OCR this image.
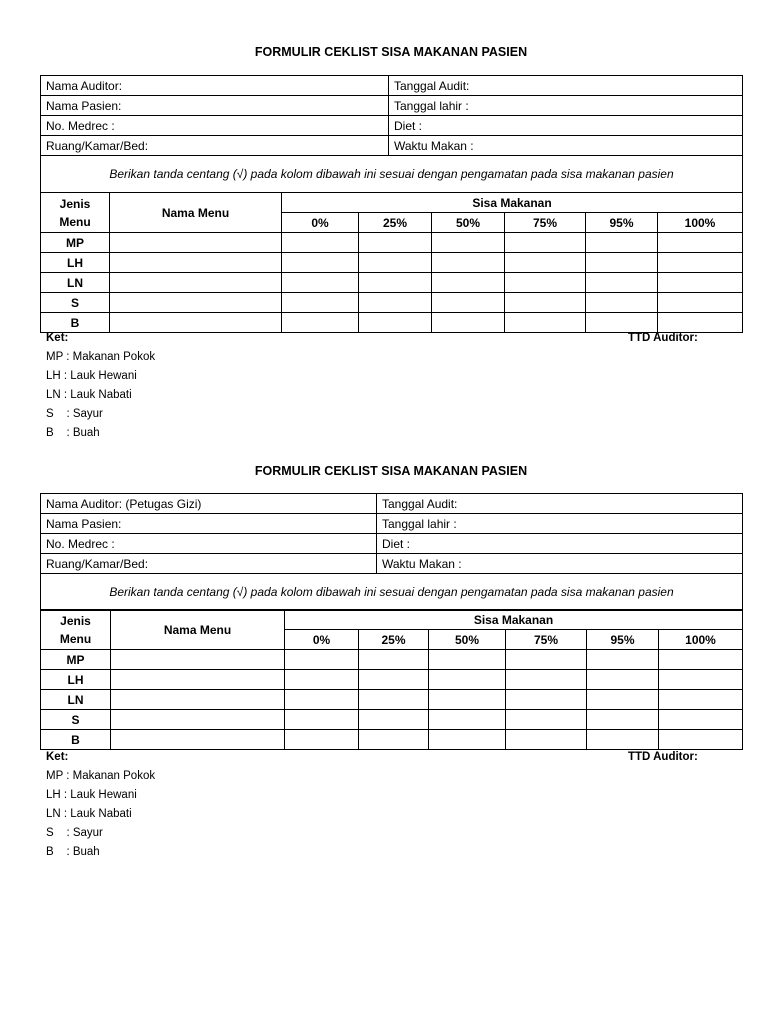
FORMULIR CEKLIST SISA MAKANAN PASIEN
Nama Auditor:	Tanggal Audit:
Nama Pasien:	Tanggal lahir :
No. Medrec :	Diet :
Ruang/Kamar/Bed:	Waktu Makan :
Berikan tanda centang (√) pada kolom dibawah ini sesuai dengan pengamatan pada sisa makanan pasien	
Jenis
Menu	Nama Menu	Sisa Makanan					
		0%	25%	50%	75%	95%	100%
MP							
LH							
LN							
S							
B							
Ket:
MP : Makanan Pokok
LH : Lauk Hewani
LN : Lauk Nabati
S    : Sayur
B    : Buah
TTD Auditor:
FORMULIR CEKLIST SISA MAKANAN PASIEN
Nama Auditor: (Petugas Gizi)	Tanggal Audit:
Nama Pasien:	Tanggal lahir :
No. Medrec :	Diet :
Ruang/Kamar/Bed:	Waktu Makan :
Berikan tanda centang (√) pada kolom dibawah ini sesuai dengan pengamatan pada sisa makanan pasien	
Jenis
Menu	Nama Menu	Sisa Makanan					
		0%	25%	50%	75%	95%	100%
MP							
LH							
LN							
S							
B							
Ket:
MP : Makanan Pokok
LH : Lauk Hewani
LN : Lauk Nabati
S    : Sayur
B    : Buah
TTD Auditor:
